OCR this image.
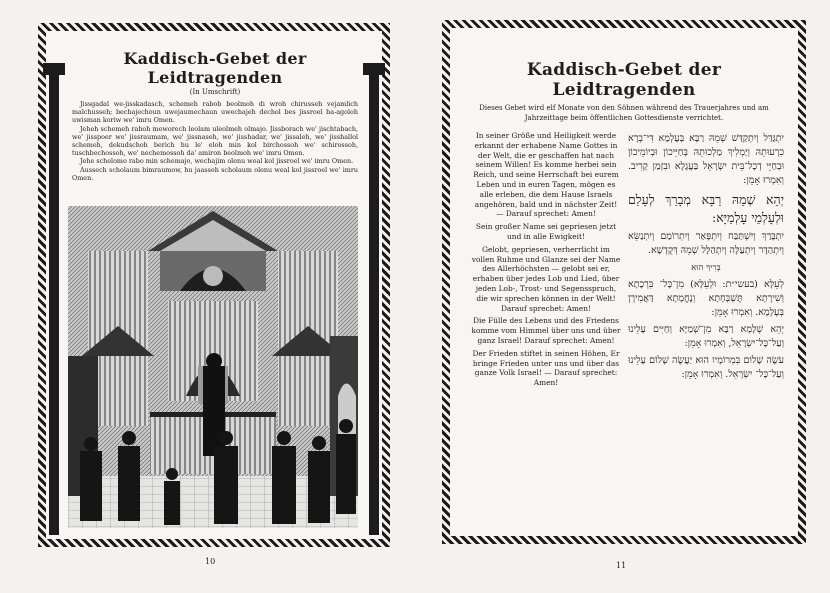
Kaddisch-Gebet der Leidtragenden
(In Umschrift)

Jissgadal we-jisskadasch, schemeh rabob beolmoh di wroh chirusseh vejamlich malchusseh; bechajechoun uwejaumechaun uwechajeh dechol bes jissroel ba-agoloh uwisman koriw we' imru Omen.

Jeheh schemeh raboh meworech leolam uleolmeh olmajo. Jissborach we' jischtabach, we' jisspoer we' jissraumam, we' jissnaseh, we' jisshadar, we' jissaleh, we' jisshallol schemeh, dekudschoh berich hu le' eloh min kol birchossoh we' schirossoh, tuschbechossoh, we' nechemossoh da' amiron beolmoh we' imru Omen.

Jehe schelomo rabo min schemajo, wechajim olenu weal kol jissroel we' imru Omen.

Aussech scholaum bimraumow, hu jaasseh scholaum olenu weal kol jissroel we' imru Omen.

10
Kaddisch-Gebet der Leidtragenden

Dieses Gebet wird elf Monate von den Söhnen während des Trauerjahres und am Jahrzeittage beim öffentlichen Gottesdienste verrichtet.

In seiner Größe und Heiligkeit werde erkannt der erhabene Name Gottes in der Welt, die er geschaffen hat nach seinem Willen! Es komme herbei sein Reich, und seine Herrschaft bei eurem Leben und in euren Tagen, mögen es alle erleben, die dem Hause Israels angehören, bald und in nächster Zeit! — Darauf sprechet: Amen!

Sein großer Name sei gepriesen jetzt und in alle Ewigkeit!

Gelobt, gepriesen, verherrlicht im vollen Ruhme und Glanze sei der Name des Allerhöchsten — gelobt sei er, erhaben über jedes Lob und Lied, über jeden Lob-, Trost- und Segensspruch, die wir sprechen können in der Welt! Darauf sprechet: Amen!

Die Fülle des Lebens und des Friedens komme vom Himmel über uns und über ganz Israel! Darauf sprechet: Amen!

Der Frieden stiftet in seinen Höhen, Er bringe Frieden unter uns und über das ganze Volk Israel! — Darauf sprechet: Amen!

יִתְגַּדַּל וְיִתְקַדַּשׁ שְׁמֵהּ רַבָּא בְּעָלְמָא דִּי־בְרָא כִרְעוּתֵהּ וְיַמְלִיךְ מַלְכוּתֵהּ בְּחַיֵּיכוֹן וּבְיוֹמֵיכוֹן וּבְחַיֵּי דְכָל־בֵּית יִשְׂרָאֵל בַּעֲגָלָא וּבִזְמַן קָרִיב. וְאִמְרוּ אָמֵן:

יְהֵא שְׁמֵהּ רַבָּא מְבָרַךְ לְעָלַם וּלְעָלְמֵי עָלְמַיָּא:

יִתְבָּרַךְ וְיִשְׁתַּבַּח וְיִתְפָּאַר וְיִתְרוֹמַם וְיִתְנַשֵּׂא וְיִתְהַדָּר וְיִתְעַלֶּה וְיִתְהַלָּל שְׁמֵהּ דְּקֻדְשָׁא.

בְּרִיךְ הוּא

לְעֵלָּא (בעשי״ת: וּלְעֵלָּא) מִן־כָּל־ בִּרְכָתָא וְשִׁירָתָא תֻּשְׁבְּחָתָא וְנֶחֱמָתָא דַּאֲמִירָן בְּעָלְמָא. וְאִמְרוּ אָמֵן:

יְהֵא שְׁלָמָא רַבָּא מִן־שְׁמַיָּא וְחַיִּים עָלֵינוּ וְעַל־כָּל־יִשְׂרָאֵל, וְאִמְרוּ אָמֵן:

עֹשֶׂה שָׁלוֹם בִּמְרוֹמָיו הוּא יַעֲשֶׂה שָׁלוֹם עָלֵינוּ וְעַל־כָּל־ יִשְׂרָאֵל. וְאִמְרוּ אָמֵן:

11
